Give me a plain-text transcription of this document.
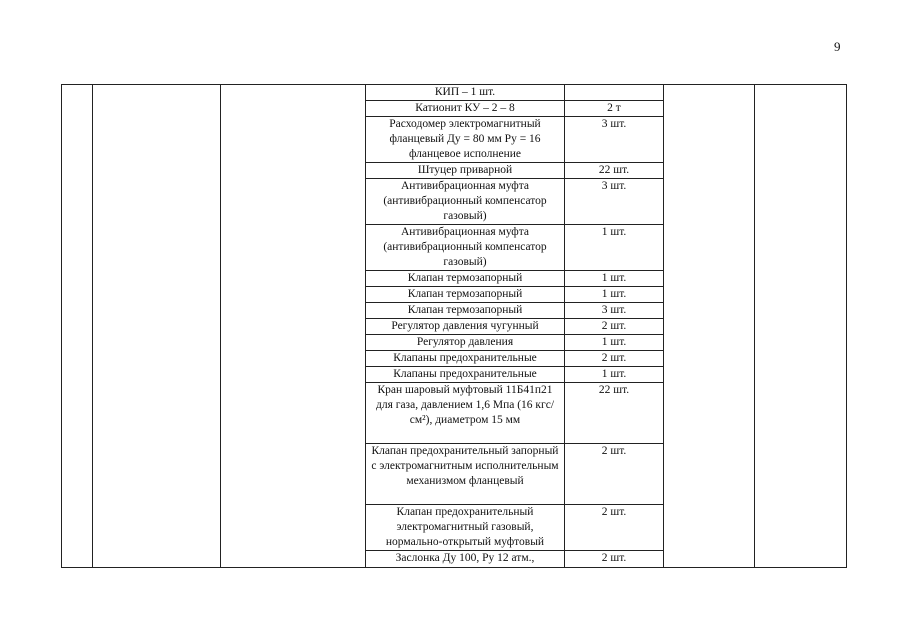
9
			КИП – 1 шт.			
			Катионит КУ – 2 – 8	2 т		
			Расходомер электромагнитный фланцевый Ду = 80 мм Ру = 16 фланцевое исполнение	3 шт.		
			Штуцер приварной	22 шт.		
			Антивибрационная муфта (антивибрационный компенсатор газовый)	3 шт.		
			Антивибрационная муфта (антивибрационный компенсатор газовый)	1 шт.		
			Клапан термозапорный	1 шт.		
			Клапан термозапорный	1 шт.		
			Клапан термозапорный	3 шт.		
			Регулятор давления чугунный	2 шт.		
			Регулятор давления	1 шт.		
			Клапаны предохранительные	2 шт.		
			Клапаны предохранительные	1 шт.		
			Кран шаровый муфтовый 11Б41п21 для газа, давлением 1,6 Мпа (16 кгс/см²), диаметром 15 мм	22 шт.		
			Клапан предохранительный запорный с электромагнитным исполнительным механизмом фланцевый	2 шт.		
			Клапан предохранительный электромагнитный газовый, нормально-открытый муфтовый	2 шт.		
			Заслонка Ду 100, Ру 12 атм.,	2 шт.		
